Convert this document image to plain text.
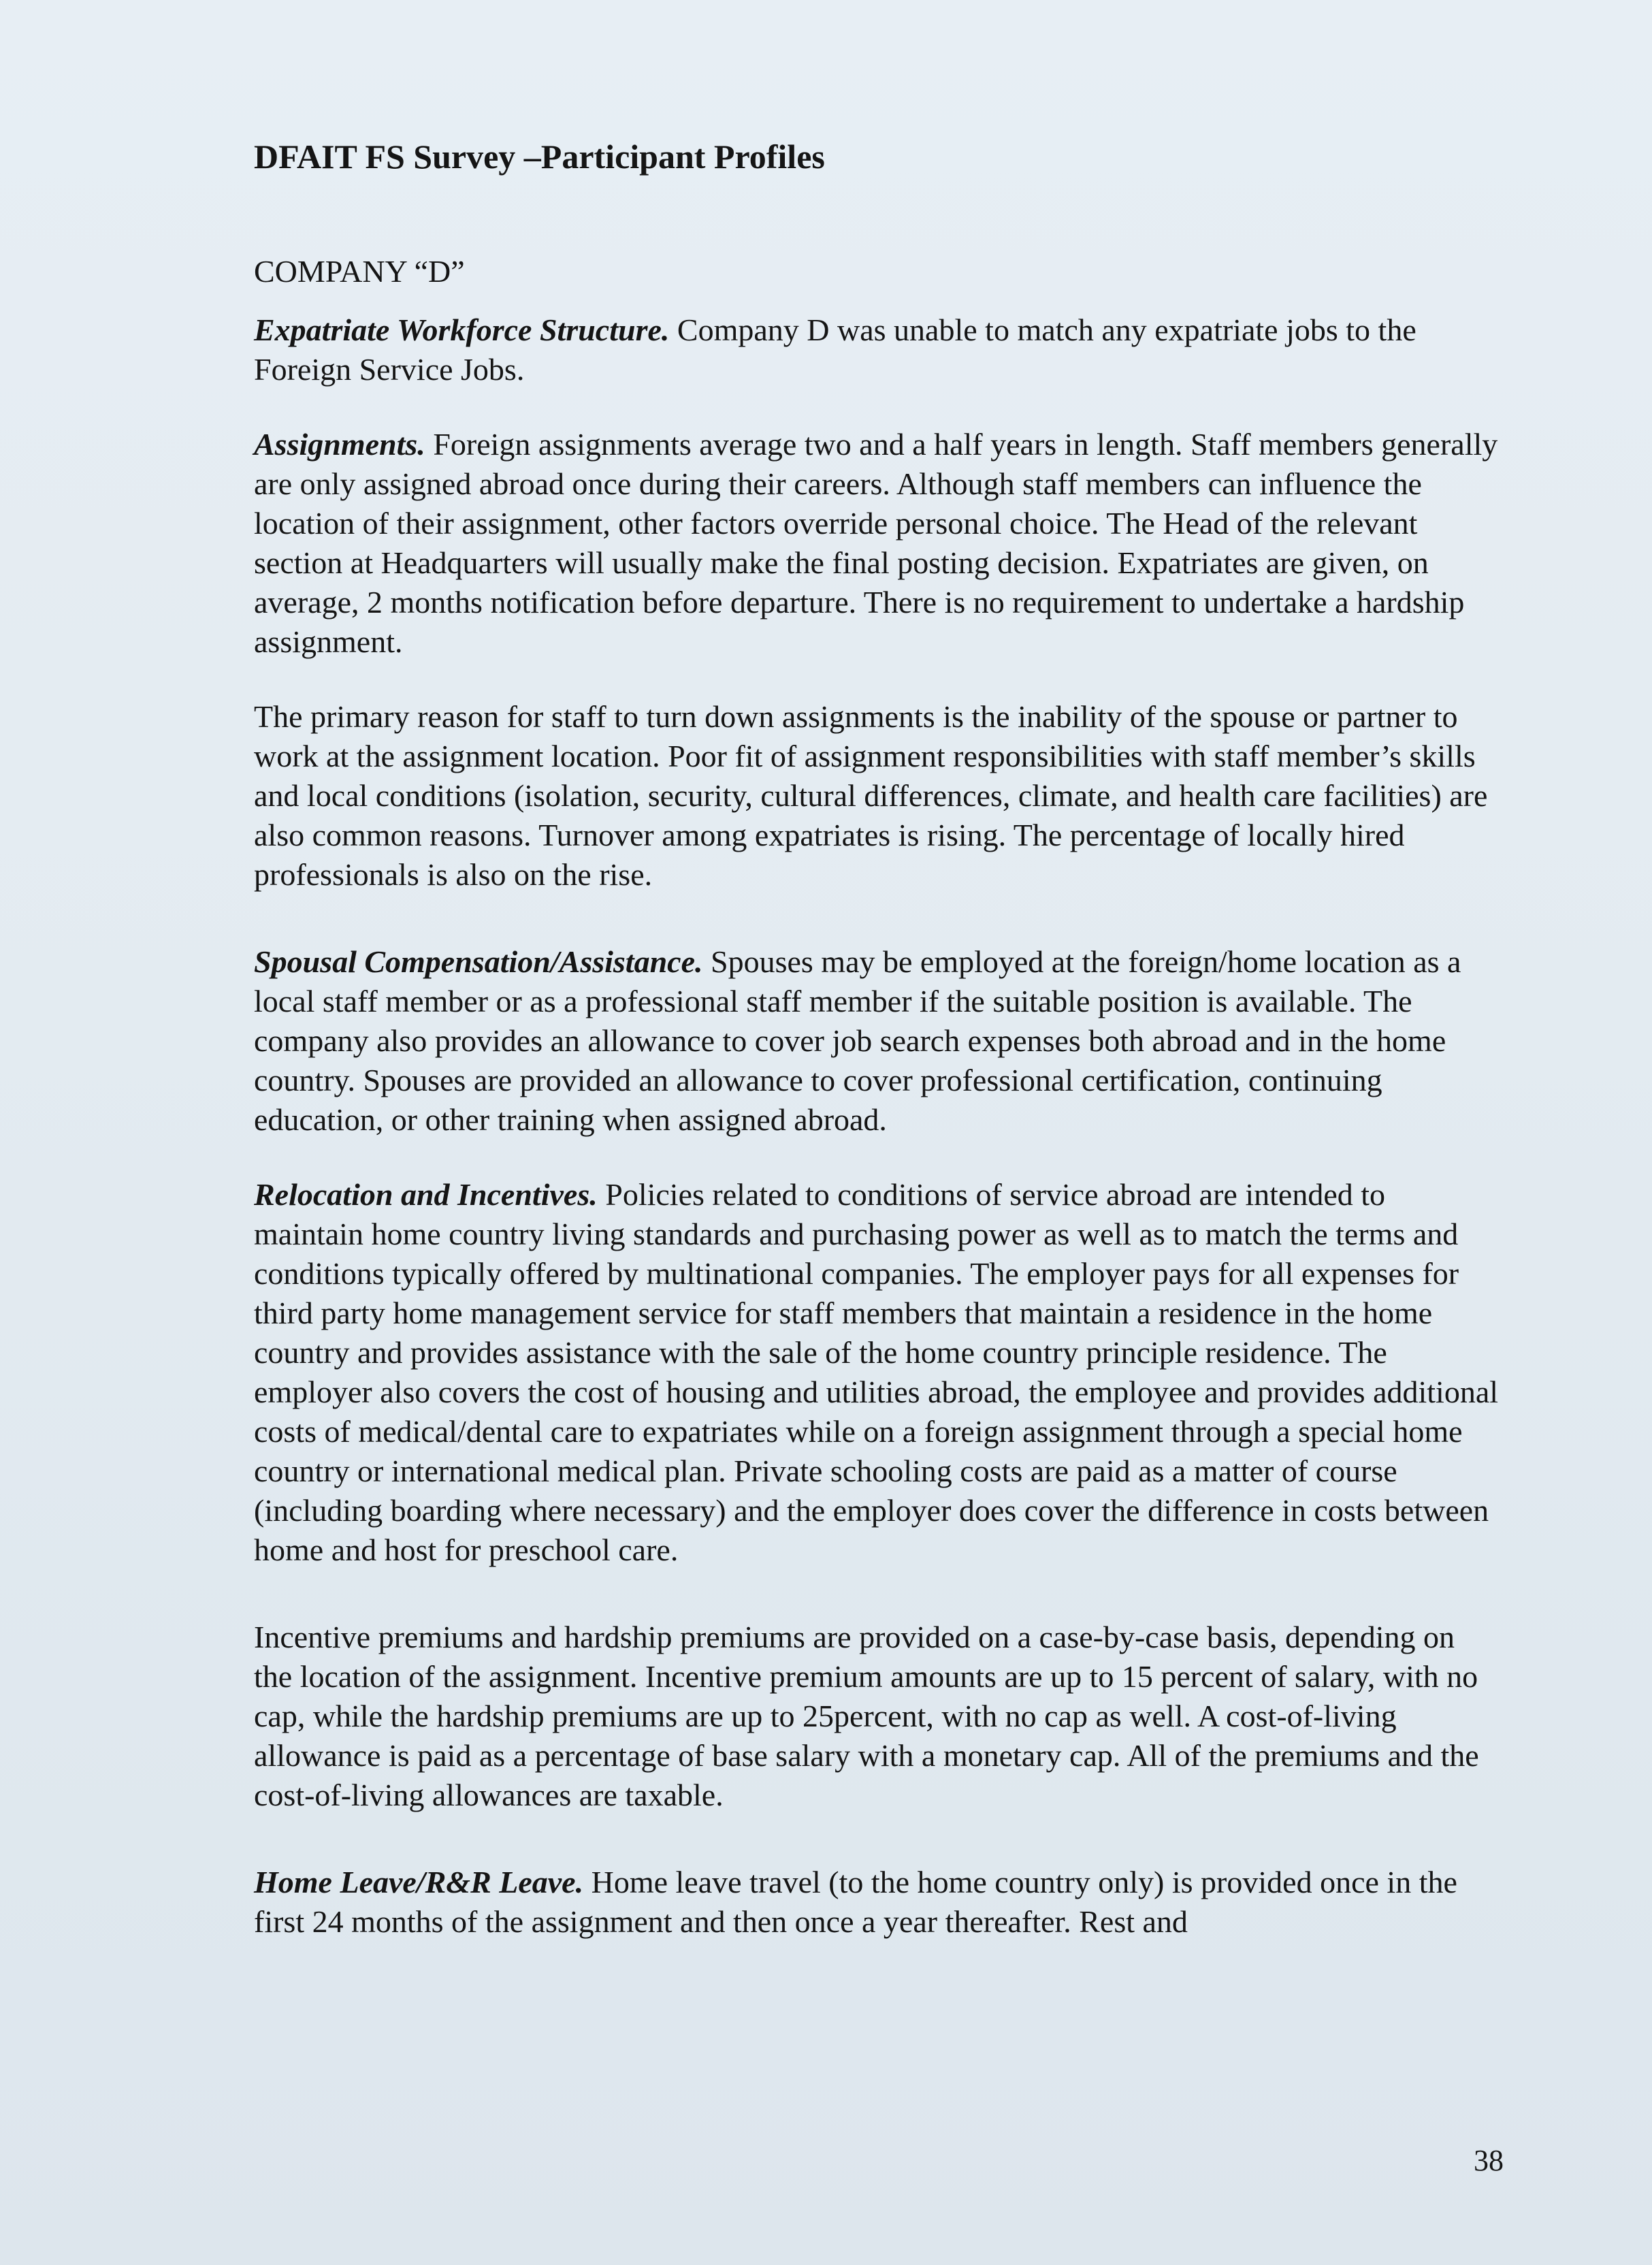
DFAIT FS Survey –Participant Profiles

COMPANY “D”

Expatriate Workforce Structure. Company D was unable to match any expatriate jobs to the Foreign Service Jobs.

Assignments. Foreign assignments average two and a half years in length. Staff members generally are only assigned abroad once during their careers. Although staff members can influence the location of their assignment, other factors override personal choice. The Head of the relevant section at Headquarters will usually make the final posting decision. Expatriates are given, on average, 2 months notification before departure. There is no requirement to undertake a hardship assignment.

The primary reason for staff to turn down assignments is the inability of the spouse or partner to work at the assignment location. Poor fit of assignment responsibilities with staff member’s skills and local conditions (isolation, security, cultural differences, climate, and health care facilities) are also common reasons. Turnover among expatriates is rising. The percentage of locally hired professionals is also on the rise.

Spousal Compensation/Assistance. Spouses may be employed at the foreign/home location as a local staff member or as a professional staff member if the suitable position is available. The company also provides an allowance to cover job search expenses both abroad and in the home country. Spouses are provided an allowance to cover professional certification, continuing education, or other training when assigned abroad.

Relocation and Incentives. Policies related to conditions of service abroad are intended to maintain home country living standards and purchasing power as well as to match the terms and conditions typically offered by multinational companies. The employer pays for all expenses for third party home management service for staff members that maintain a residence in the home country and provides assistance with the sale of the home country principle residence. The employer also covers the cost of housing and utilities abroad, the employee and provides additional costs of medical/dental care to expatriates while on a foreign assignment through a special home country or international medical plan. Private schooling costs are paid as a matter of course (including boarding where necessary) and the employer does cover the difference in costs between home and host for preschool care.

Incentive premiums and hardship premiums are provided on a case-by-case basis, depending on the location of the assignment. Incentive premium amounts are up to 15 percent of salary, with no cap, while the hardship premiums are up to 25percent, with no cap as well. A cost-of-living allowance is paid as a percentage of base salary with a monetary cap. All of the premiums and the cost-of-living allowances are taxable.

Home Leave/R&R Leave. Home leave travel (to the home country only) is provided once in the first 24 months of the assignment and then once a year thereafter. Rest and

38
